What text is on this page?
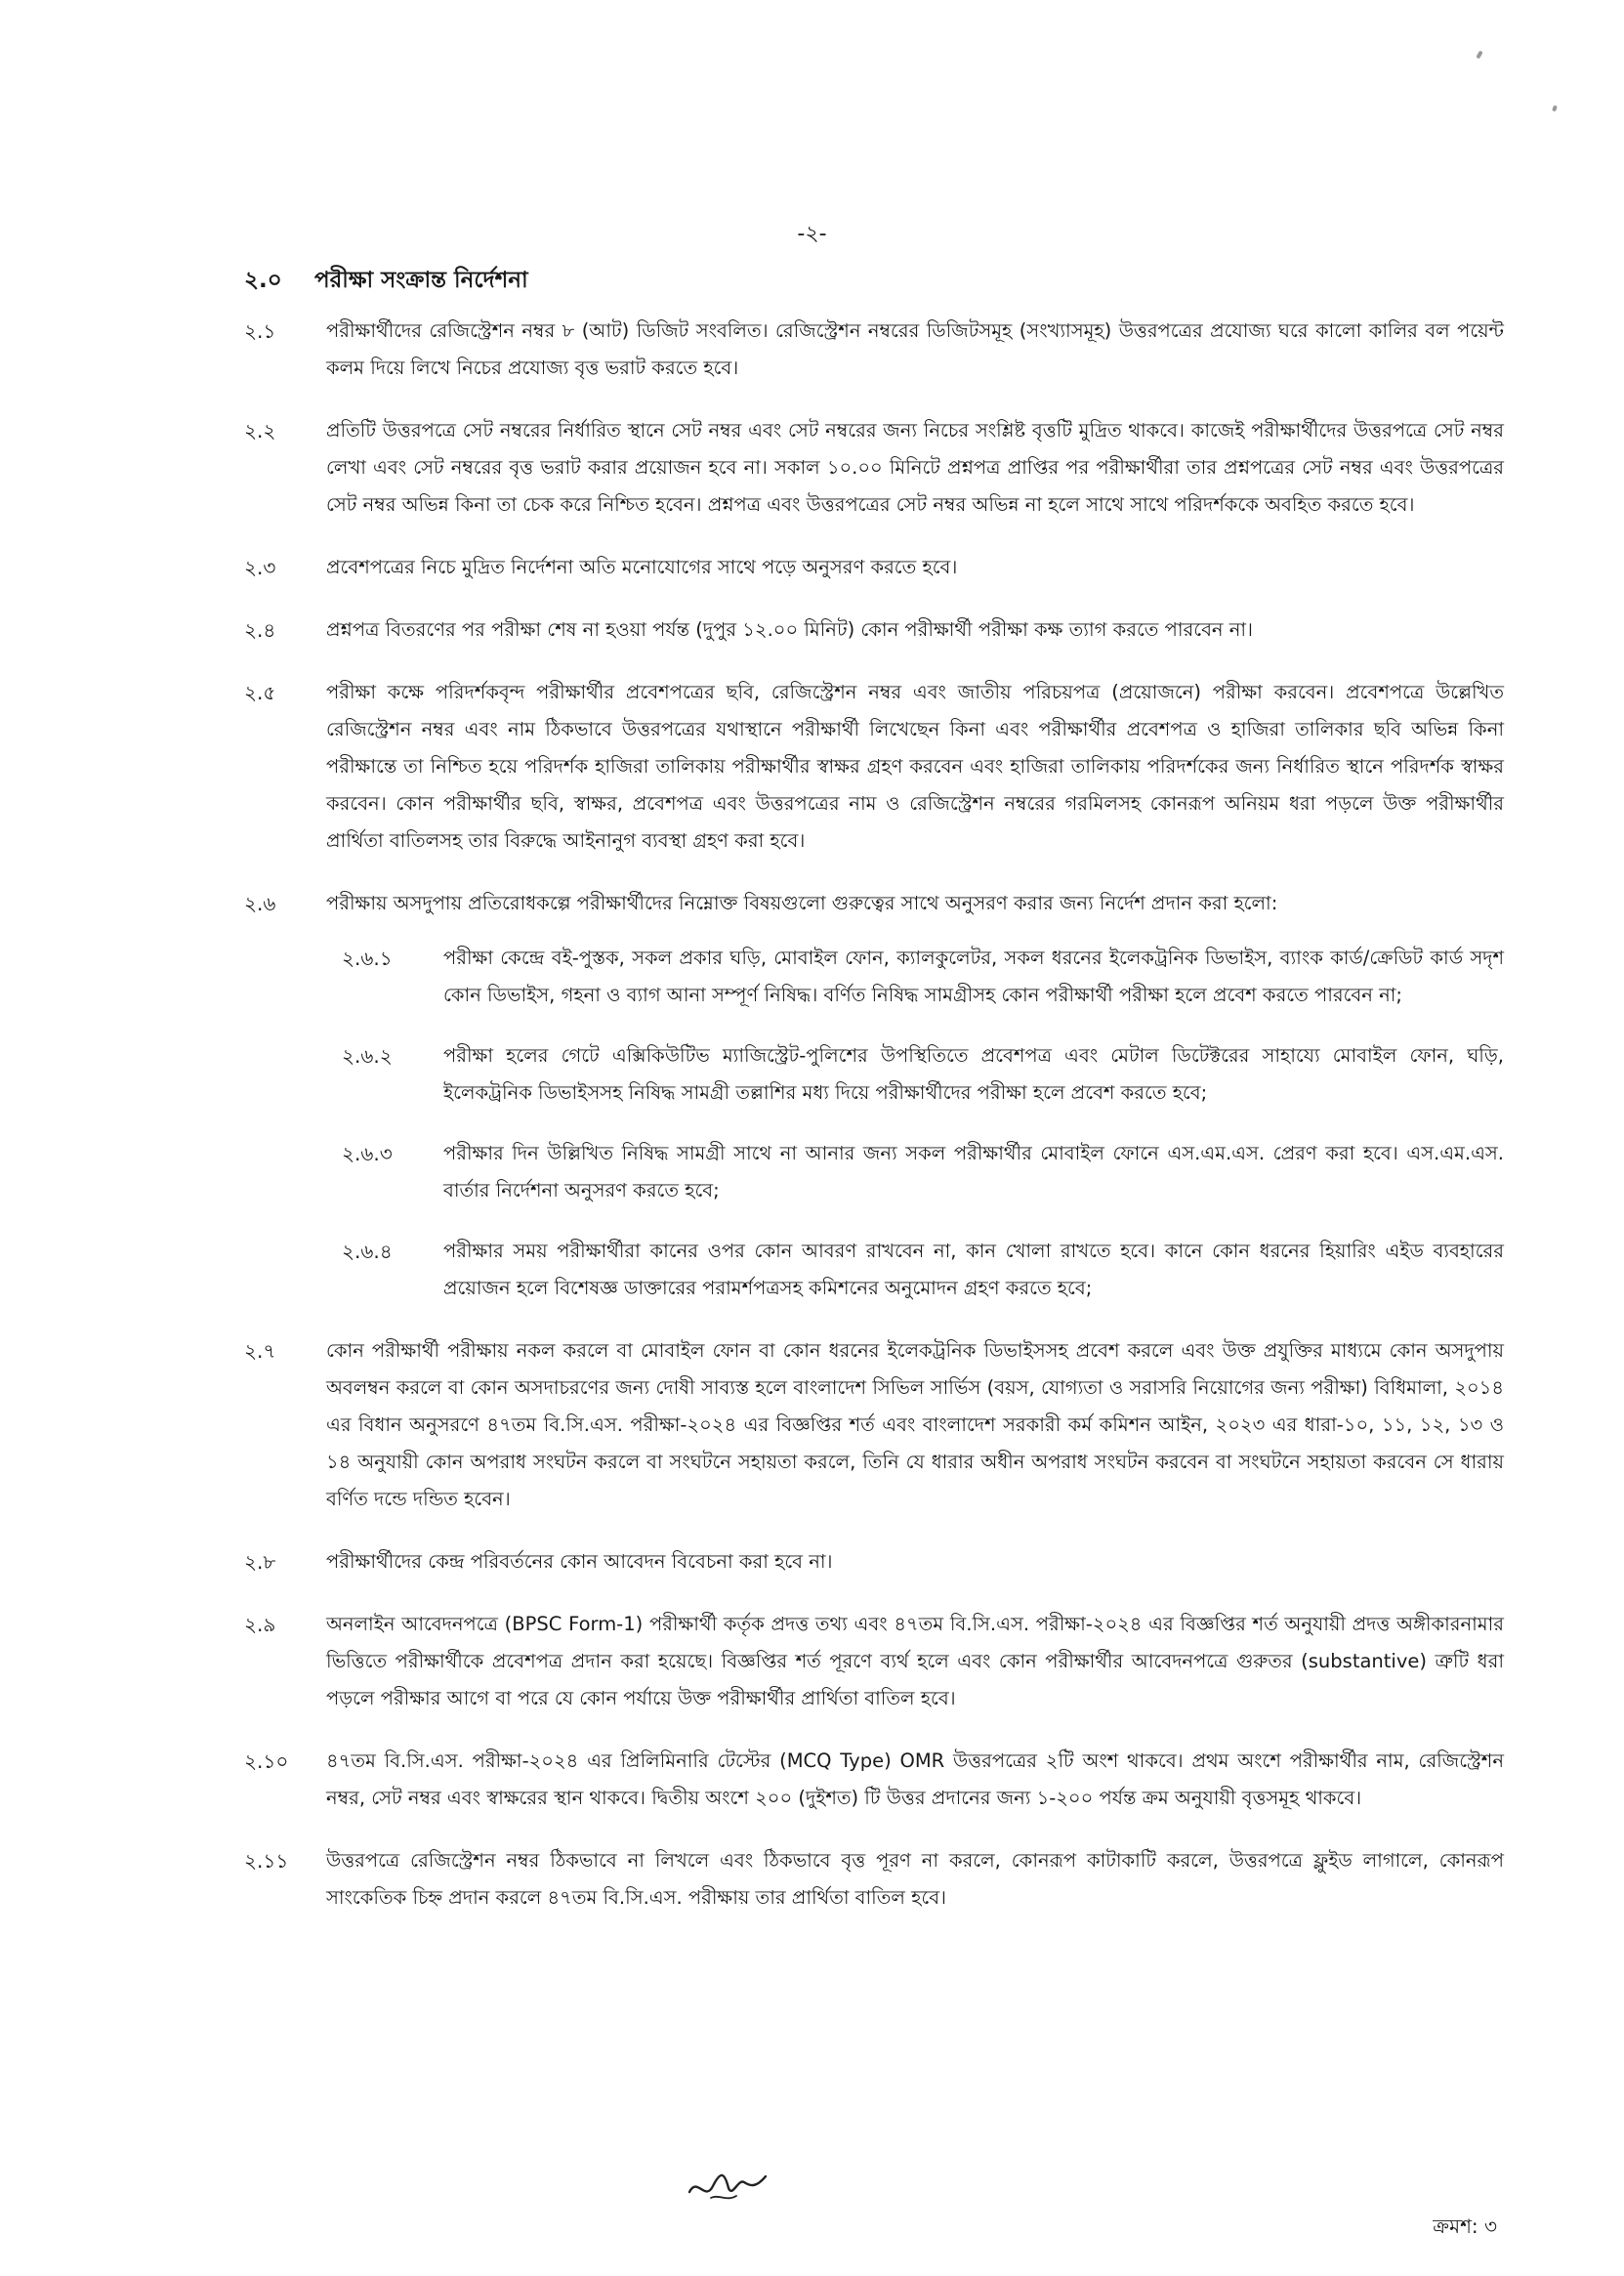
-২-
২.০ পরীক্ষা সংক্রান্ত নির্দেশনা
২.১	পরীক্ষার্থীদের রেজিস্ট্রেশন নম্বর ৮ (আট) ডিজিট সংবলিত। রেজিস্ট্রেশন নম্বরের ডিজিটসমূহ (সংখ্যাসমূহ) উত্তরপত্রের প্রযোজ্য ঘরে কালো কালির বল পয়েন্ট কলম দিয়ে লিখে নিচের প্রযোজ্য বৃত্ত ভরাট করতে হবে।
২.২	প্রতিটি উত্তরপত্রে সেট নম্বরের নির্ধারিত স্থানে সেট নম্বর এবং সেট নম্বরের জন্য নিচের সংশ্লিষ্ট বৃত্তটি মুদ্রিত থাকবে। কাজেই পরীক্ষার্থীদের উত্তরপত্রে সেট নম্বর লেখা এবং সেট নম্বরের বৃত্ত ভরাট করার প্রয়োজন হবে না। সকাল ১০.০০ মিনিটে প্রশ্নপত্র প্রাপ্তির পর পরীক্ষার্থীরা তার প্রশ্নপত্রের সেট নম্বর এবং উত্তরপত্রের সেট নম্বর অভিন্ন কিনা তা চেক করে নিশ্চিত হবেন। প্রশ্নপত্র এবং উত্তরপত্রের সেট নম্বর অভিন্ন না হলে সাথে সাথে পরিদর্শককে অবহিত করতে হবে।
২.৩	প্রবেশপত্রের নিচে মুদ্রিত নির্দেশনা অতি মনোযোগের সাথে পড়ে অনুসরণ করতে হবে।
২.৪	প্রশ্নপত্র বিতরণের পর পরীক্ষা শেষ না হওয়া পর্যন্ত (দুপুর ১২.০০ মিনিট) কোন পরীক্ষার্থী পরীক্ষা কক্ষ ত্যাগ করতে পারবেন না।
২.৫	পরীক্ষা কক্ষে পরিদর্শকবৃন্দ পরীক্ষার্থীর প্রবেশপত্রের ছবি, রেজিস্ট্রেশন নম্বর এবং জাতীয় পরিচয়পত্র (প্রয়োজনে) পরীক্ষা করবেন। প্রবেশপত্রে উল্লেখিত রেজিস্ট্রেশন নম্বর এবং নাম ঠিকভাবে উত্তরপত্রের যথাস্থানে পরীক্ষার্থী লিখেছেন কিনা এবং পরীক্ষার্থীর প্রবেশপত্র ও হাজিরা তালিকার ছবি অভিন্ন কিনা পরীক্ষান্তে তা নিশ্চিত হয়ে পরিদর্শক হাজিরা তালিকায় পরীক্ষার্থীর স্বাক্ষর গ্রহণ করবেন এবং হাজিরা তালিকায় পরিদর্শকের জন্য নির্ধারিত স্থানে পরিদর্শক স্বাক্ষর করবেন। কোন পরীক্ষার্থীর ছবি, স্বাক্ষর, প্রবেশপত্র এবং উত্তরপত্রের নাম ও রেজিস্ট্রেশন নম্বরের গরমিলসহ কোনরূপ অনিয়ম ধরা পড়লে উক্ত পরীক্ষার্থীর প্রার্থিতা বাতিলসহ তার বিরুদ্ধে আইনানুগ ব্যবস্থা গ্রহণ করা হবে।
২.৬	পরীক্ষায় অসদুপায় প্রতিরোধকল্পে পরীক্ষার্থীদের নিম্নোক্ত বিষয়গুলো গুরুত্বের সাথে অনুসরণ করার জন্য নির্দেশ প্রদান করা হলো:
২.৬.১	পরীক্ষা কেন্দ্রে বই-পুস্তক, সকল প্রকার ঘড়ি, মোবাইল ফোন, ক্যালকুলেটর, সকল ধরনের ইলেকট্রনিক ডিভাইস, ব্যাংক কার্ড/ক্রেডিট কার্ড সদৃশ কোন ডিভাইস, গহনা ও ব্যাগ আনা সম্পূর্ণ নিষিদ্ধ। বর্ণিত নিষিদ্ধ সামগ্রীসহ কোন পরীক্ষার্থী পরীক্ষা হলে প্রবেশ করতে পারবেন না;
২.৬.২	পরীক্ষা হলের গেটে এক্সিকিউটিভ ম্যাজিস্ট্রেট-পুলিশের উপস্থিতিতে প্রবেশপত্র এবং মেটাল ডিটেক্টরের সাহায্যে মোবাইল ফোন, ঘড়ি, ইলেকট্রনিক ডিভাইসসহ নিষিদ্ধ সামগ্রী তল্লাশির মধ্য দিয়ে পরীক্ষার্থীদের পরীক্ষা হলে প্রবেশ করতে হবে;
২.৬.৩	পরীক্ষার দিন উল্লিখিত নিষিদ্ধ সামগ্রী সাথে না আনার জন্য সকল পরীক্ষার্থীর মোবাইল ফোনে এস.এম.এস. প্রেরণ করা হবে। এস.এম.এস. বার্তার নির্দেশনা অনুসরণ করতে হবে;
২.৬.৪	পরীক্ষার সময় পরীক্ষার্থীরা কানের ওপর কোন আবরণ রাখবেন না, কান খোলা রাখতে হবে। কানে কোন ধরনের হিয়ারিং এইড ব্যবহারের প্রয়োজন হলে বিশেষজ্ঞ ডাক্তারের পরামর্শপত্রসহ কমিশনের অনুমোদন গ্রহণ করতে হবে;
২.৭	কোন পরীক্ষার্থী পরীক্ষায় নকল করলে বা মোবাইল ফোন বা কোন ধরনের ইলেকট্রনিক ডিভাইসসহ প্রবেশ করলে এবং উক্ত প্রযুক্তির মাধ্যমে কোন অসদুপায় অবলম্বন করলে বা কোন অসদাচরণের জন্য দোষী সাব্যস্ত হলে বাংলাদেশ সিভিল সার্ভিস (বয়স, যোগ্যতা ও সরাসরি নিয়োগের জন্য পরীক্ষা) বিধিমালা, ২০১৪ এর বিধান অনুসরণে ৪৭তম বি.সি.এস. পরীক্ষা-২০২৪ এর বিজ্ঞপ্তির শর্ত এবং বাংলাদেশ সরকারী কর্ম কমিশন আইন, ২০২৩ এর ধারা-১০, ১১, ১২, ১৩ ও ১৪ অনুযায়ী কোন অপরাধ সংঘটন করলে বা সংঘটনে সহায়তা করলে, তিনি যে ধারার অধীন অপরাধ সংঘটন করবেন বা সংঘটনে সহায়তা করবেন সে ধারায় বর্ণিত দন্ডে দন্ডিত হবেন।
২.৮	পরীক্ষার্থীদের কেন্দ্র পরিবর্তনের কোন আবেদন বিবেচনা করা হবে না।
২.৯	অনলাইন আবেদনপত্রে (BPSC Form-1) পরীক্ষার্থী কর্তৃক প্রদত্ত তথ্য এবং ৪৭তম বি.সি.এস. পরীক্ষা-২০২৪ এর বিজ্ঞপ্তির শর্ত অনুযায়ী প্রদত্ত অঙ্গীকারনামার ভিত্তিতে পরীক্ষার্থীকে প্রবেশপত্র প্রদান করা হয়েছে। বিজ্ঞপ্তির শর্ত পূরণে ব্যর্থ হলে এবং কোন পরীক্ষার্থীর আবেদনপত্রে গুরুতর (substantive) ত্রুটি ধরা পড়লে পরীক্ষার আগে বা পরে যে কোন পর্যায়ে উক্ত পরীক্ষার্থীর প্রার্থিতা বাতিল হবে।
২.১০	৪৭তম বি.সি.এস. পরীক্ষা-২০২৪ এর প্রিলিমিনারি টেস্টের (MCQ Type) OMR উত্তরপত্রের ২টি অংশ থাকবে। প্রথম অংশে পরীক্ষার্থীর নাম, রেজিস্ট্রেশন নম্বর, সেট নম্বর এবং স্বাক্ষরের স্থান থাকবে। দ্বিতীয় অংশে ২০০ (দুইশত) টি উত্তর প্রদানের জন্য ১-২০০ পর্যন্ত ক্রম অনুযায়ী বৃত্তসমূহ থাকবে।
২.১১	উত্তরপত্রে রেজিস্ট্রেশন নম্বর ঠিকভাবে না লিখলে এবং ঠিকভাবে বৃত্ত পূরণ না করলে, কোনরূপ কাটাকাটি করলে, উত্তরপত্রে ফ্লুইড লাগালে, কোনরূপ সাংকেতিক চিহ্ন প্রদান করলে ৪৭তম বি.সি.এস. পরীক্ষায় তার প্রার্থিতা বাতিল হবে।
ক্রমশ: ৩
